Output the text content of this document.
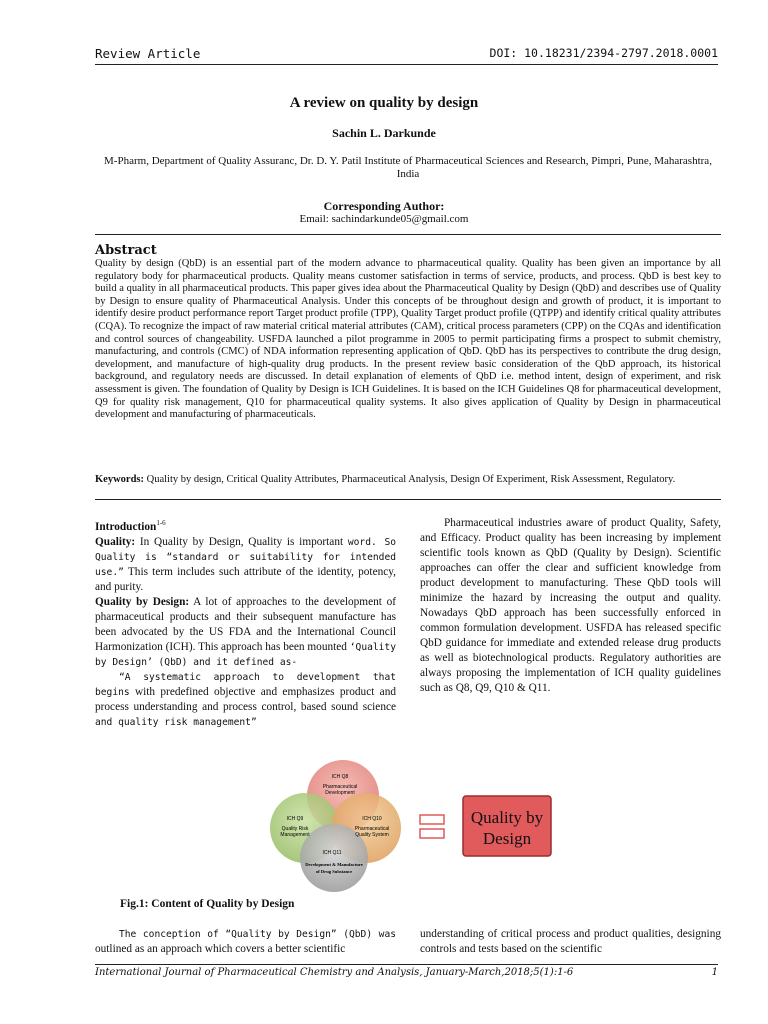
Review Article	DOI: 10.18231/2394-2797.2018.0001
A review on quality by design
Sachin L. Darkunde
M-Pharm, Department of Quality Assuranc, Dr. D. Y. Patil Institute of Pharmaceutical Sciences and Research, Pimpri, Pune, Maharashtra, India
Corresponding Author:
Email: sachindarkunde05@gmail.com
Abstract
Quality by design (QbD) is an essential part of the modern advance to pharmaceutical quality. Quality has been given an importance by all regulatory body for pharmaceutical products. Quality means customer satisfaction in terms of service, products, and process. QbD is best key to build a quality in all pharmaceutical products. This paper gives idea about the Pharmaceutical Quality by Design (QbD) and describes use of Quality by Design to ensure quality of Pharmaceutical Analysis. Under this concepts of be throughout design and growth of product, it is important to identify desire product performance report Target product profile (TPP), Quality Target product profile (QTPP) and identify critical quality attributes (CQA). To recognize the impact of raw material critical material attributes (CAM), critical process parameters (CPP) on the CQAs and identification and control sources of changeability. USFDA launched a pilot programme in 2005 to permit participating firms a prospect to submit chemistry, manufacturing, and controls (CMC) of NDA information representing application of QbD. QbD has its perspectives to contribute the drug design, development, and manufacture of high-quality drug products. In the present review basic consideration of the QbD approach, its historical background, and regulatory needs are discussed. In detail explanation of elements of QbD i.e. method intent, design of experiment, and risk assessment is given. The foundation of Quality by Design is ICH Guidelines. It is based on the ICH Guidelines Q8 for pharmaceutical development, Q9 for quality risk management, Q10 for pharmaceutical quality systems. It also gives application of Quality by Design in pharmaceutical development and manufacturing of pharmaceuticals.
Keywords: Quality by design, Critical Quality Attributes, Pharmaceutical Analysis, Design Of Experiment, Risk Assessment, Regulatory.

Introduction$^{1-6}$

Quality: In Quality by Design, Quality is important word. So Quality is “standard or suitability for intended use.” This term includes such attribute of the identity, potency, and purity.

Quality by Design: A lot of approaches to the development of pharmaceutical products and their subsequent manufacture has been advocated by the US FDA and the International Council Harmonization (ICH). This approach has been mounted ‘Quality by Design’ (QbD) and it defined as-

“A systematic approach to development that begins with predefined objective and emphasizes product and process understanding and process control, based sound science and quality risk management”

Pharmaceutical industries aware of product Quality, Safety, and Efficacy. Product quality has been increasing by implement scientific tools known as QbD (Quality by Design). Scientific approaches can offer the clear and sufficient knowledge from product development to manufacturing. These QbD tools will minimize the hazard by increasing the output and quality. Nowadays QbD approach has been successfully enforced in common formulation development. USFDA has released specific QbD guidance for immediate and extended release drug products as well as biotechnological products. Regulatory authorities are always proposing the implementation of ICH quality guidelines such as Q8, Q9, Q10 & Q11.

ICH Q8
Pharmaceutical
Development
ICH Q9
Quality Risk
Management
ICH Q10
Pharmaceutical
Quality System
ICH Q11
Development & Manufacture
of Drug Substance
Quality by
Design
Fig.1: Content of Quality by Design

The conception of “Quality by Design” (QbD) was outlined as an approach which covers a better scientific

understanding of critical process and product qualities, designing controls and tests based on the scientific

International Journal of Pharmaceutical Chemistry and Analysis, January-March,2018;5(1):1-6	1
